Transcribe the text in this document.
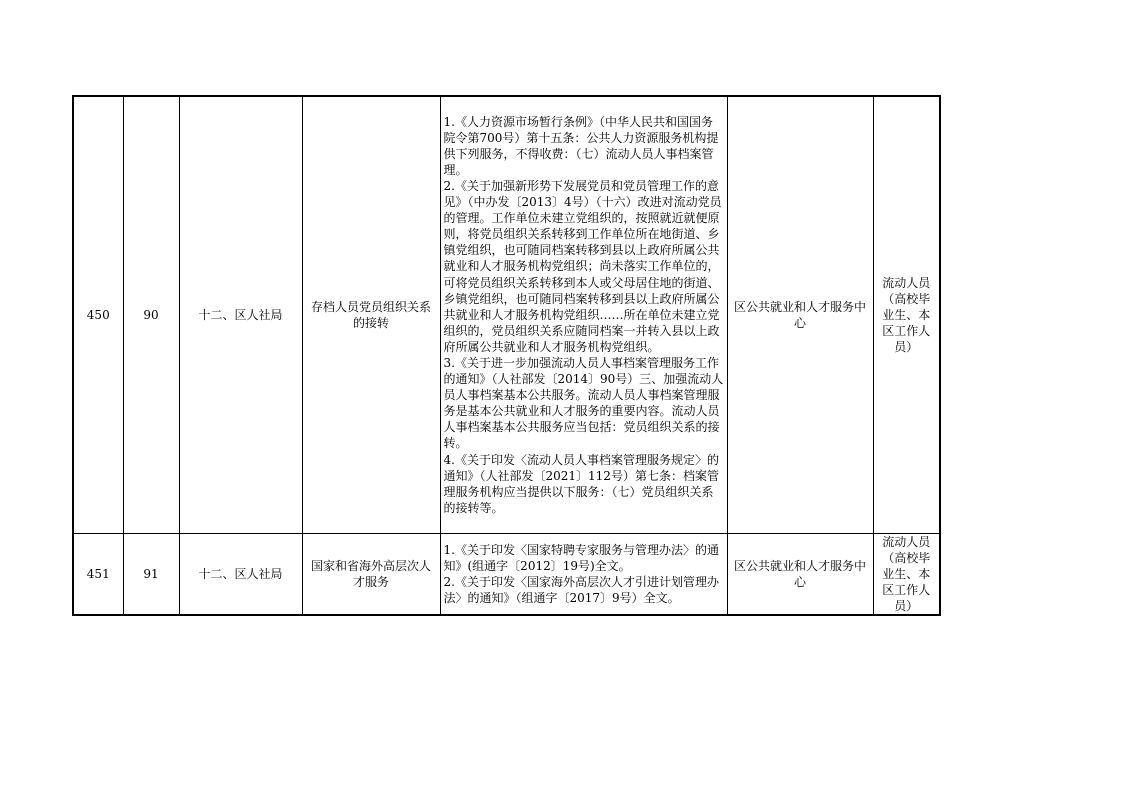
450	90	十二、区人社局	存档人员党员组织关系的接转	1.《人力资源市场暂行条例》（中华人民共和国国务院令第700号）第十五条：公共人力资源服务机构提供下列服务，不得收费：（七）流动人员人事档案管理。
2.《关于加强新形势下发展党员和党员管理工作的意见》（中办发〔2013〕4号）（十六）改进对流动党员的管理。工作单位未建立党组织的，按照就近就便原则，将党员组织关系转移到工作单位所在地街道、乡镇党组织，也可随同档案转移到县以上政府所属公共就业和人才服务机构党组织；尚未落实工作单位的，可将党员组织关系转移到本人或父母居住地的街道、乡镇党组织，也可随同档案转移到县以上政府所属公共就业和人才服务机构党组织……所在单位未建立党组织的，党员组织关系应随同档案一并转入县以上政府所属公共就业和人才服务机构党组织。
3.《关于进一步加强流动人员人事档案管理服务工作的通知》（人社部发〔2014〕90号）三、加强流动人员人事档案基本公共服务。流动人员人事档案管理服务是基本公共就业和人才服务的重要内容。流动人员人事档案基本公共服务应当包括：党员组织关系的接转。
4.《关于印发〈流动人员人事档案管理服务规定〉的通知》（人社部发〔2021〕112号）第七条：档案管理服务机构应当提供以下服务：（七）党员组织关系的接转等。	区公共就业和人才服务中心	流动人员（高校毕业生、本区工作人员）
451	91	十二、区人社局	国家和省海外高层次人才服务	1.《关于印发〈国家特聘专家服务与管理办法〉的通知》(组通字〔2012〕19号)全文。
2.《关于印发〈国家海外高层次人才引进计划管理办法〉的通知》（组通字〔2017〕9号）全文。	区公共就业和人才服务中心	流动人员（高校毕业生、本区工作人员）
